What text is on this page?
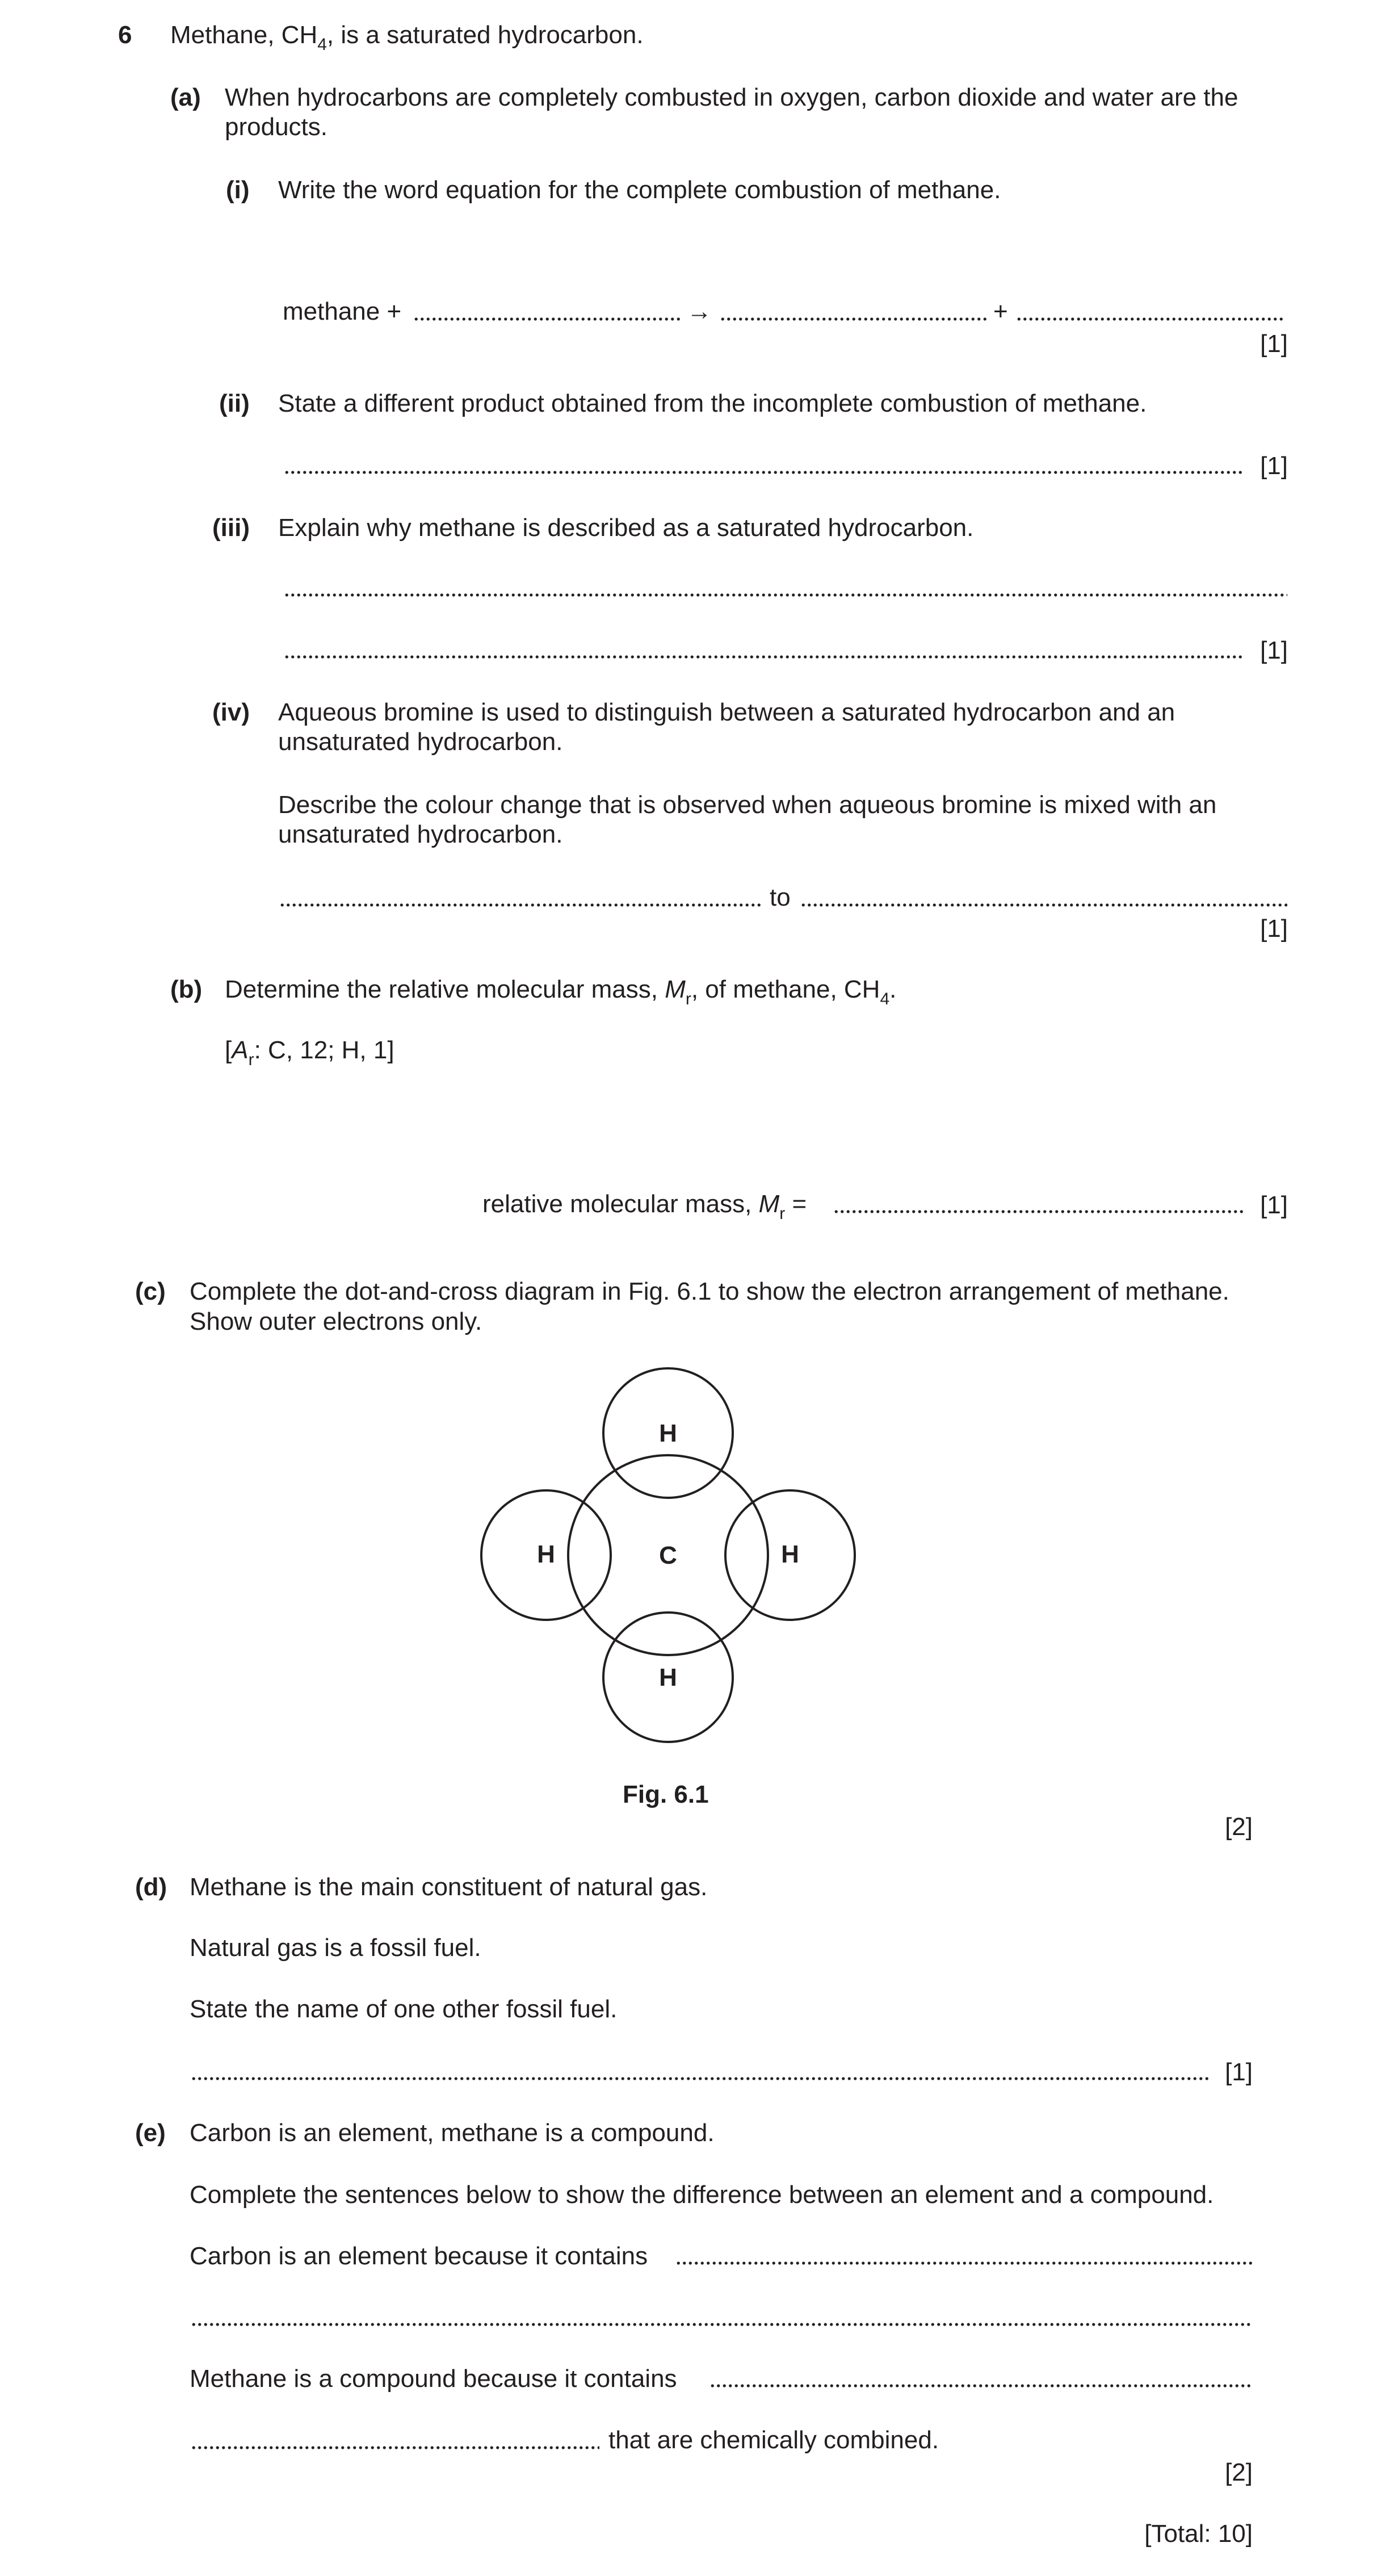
6 Methane, $CH_4$, is a saturated hydrocarbon.
(a) When hydrocarbons are completely combusted in oxygen, carbon dioxide and water are the
products.
(i) Write the word equation for the complete combustion of methane.
methane +	→	+
[1]
(ii) State a different product obtained from the incomplete combustion of methane.
[1]
(iii) Explain why methane is described as a saturated hydrocarbon.
[1]
(iv) Aqueous bromine is used to distinguish between a saturated hydrocarbon and an
unsaturated hydrocarbon.
Describe the colour change that is observed when aqueous bromine is mixed with an
unsaturated hydrocarbon.
to
[1]
(b) Determine the relative molecular mass, $M_r$, of methane, $CH_4$.
[$A_r$: C, 12; H, 1]
relative molecular mass, $M_r$ =	[1]
(c) Complete the dot-and-cross diagram in Fig. 6.1 to show the electron arrangement of methane.
Show outer electrons only.
C
H
H	H
H
Fig. 6.1
[2]
(d) Methane is the main constituent of natural gas.
Natural gas is a fossil fuel.
State the name of one other fossil fuel.
[1]
(e) Carbon is an element, methane is a compound.
Complete the sentences below to show the difference between an element and a compound.
Carbon is an element because it contains
Methane is a compound because it contains
that are chemically combined.
[2]
[Total: 10]
